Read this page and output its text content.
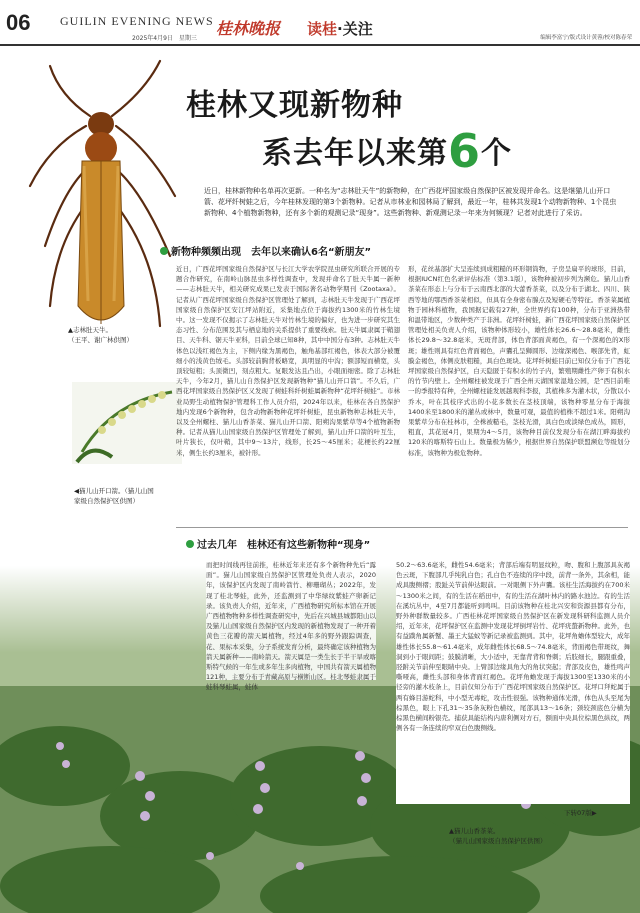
06 GUILIN EVENING NEWS
2025年4月9日　星期三
桂林晚报 读桂·关注	编辑李富宁/版式设计黄蓉/校对陈春荣
▲志林肚天牛。
（王平、谢广林供图）
◀猫儿山开口箭。（猫儿山国家级自然保护区供图）
桂林又现新物种
系去年以来第6个
近日，桂林新物种名单再次更新。一种名为“志林肚天牛”的新物种，在广西花坪国家级自然保护区被发现并命名。这是继猫儿山开口箭、花坪纤树蛙之后，今年桂林发现的第3个新物种。记者从市林业和园林局了解到，最近一年，桂林共发现1个动物新物种、1个昆虫新物种、4个植物新物种，还有多个新的观测记录“现身”。这些新物种、新观测记录一年来为何频现？记者对此进行了采访。
新物种频频出现　去年以来确认6名“新朋友”
近日，广西花坪国家级自然保护区与长江大学农学院昆虫研究所联合开展的专题合作研究，在南岭山脉昆虫多样性调查中，发现并命名了肚天牛属一新种——志林肚天牛，相关研究成果已发表于国际著名动物学期刊《Zootaxa》。记者从广西花坪国家级自然保护区管理处了解到，志林肚天牛发现于广西花坪国家级自然保护区安江坪站附近，采集地点位于海拔约1300米的竹林生境中。这一发现不仅揭示了志林肚天牛对竹林生境的偏好，也为进一步研究其生态习性、分布范围及其与栖息地的关系提供了重要线索。肚天牛属隶属于鞘翅目、天牛科、锯天牛亚科，目前全球已知8种，其中中国分布3种。志林肚天牛体色以浅红褐色为主，下侧内缘为黑褐色，触角基部红褐色，体表大部分被覆细小的浅黄色绒毛。头部较前胸背板略宽，具明显的中沟；额部短而横宽，头顶较短粗；头顶微凹，刻点粗大。复眼发达且凸出，小眼面细密。除了志林肚天牛，今年2月，猫儿山自然保护区发现新物种“猫儿山开口箭”。不久后，广西花坪国家级自然保护区又发现了树蛙科纤树蛙属新物种“花坪纤树蛙”。市林业局野生动植物保护管理科工作人员介绍，2024年以来，桂林在各自然保护地内发现6个新物种，包含动物新物种花坪纤树蛙，昆虫新物种志林肚天牛，以及全州螺柱、猫儿山香茶菜、猫儿山开口箭、阳朔沟果紫草等4个植物新物种。记者从猫儿山国家级自然保护区管理处了解到，猫儿山开口箭的叶互生，叶片狭长，仅叶鞘，其中9～13片，线形，长25～45厘米；花梗长约22厘米，侧生长约3厘米，被针形。
形，花丝基部扩大呈连续到成粗糙的环形钢筒物，子房呈扁平的球形，目前，根据IUCN红色名录评估标准（第3.1版），该物种被初步列为濒危。猫儿山香茶菜在形态上与分布于云南西北部的大蕾香茶菜，以及分布于湖北、四川、陕西等地的鄂西香茶菜相似，但具有全身密布腺点及短硬毛等特征。香茶菜属植物于园林科植物，我国据记载有27种，全世界约有100种，分布于亚洲热带和温带地区，少数种类产于非洲。花坪纤树蛙，新广西花坪国家级自然保护区管理处相关负责人介绍，该物种体形较小，雄性体长26.6～28.8毫米，雌性体长29.8～32.8毫米，无斑背部，体色背部面黄褐色，有一个深褐色的X形斑；雄性则具有红色背面褐色，声囊孔呈狮圆形、边缘深褐色、喉部先背，虹膜金褐色，体侧皮肤粗糙，具白色斑块。花坪纤树蛙目前已知仅分布于广西花坪国家级自然保护区，白天隐匿于有积水的竹子内，繁殖期雌性产卵于有积水的竹节内壁上。全州螺柱被发现于广西全州天湖国家湿地公园，是“西目前唯一的季报特有种，全州螺柱能发展越观科李报，其植株多为灌木状，分散以小乔木，叶在其枝序式出的小花多数长在茎枝顶端，该物种零星分布于海拔1400米至1800米的灌丛或林中，数量可观，最值的植株不超过1米。阳朔沟果紫草分布在桂林市，全株被糙毛，茎枝光滑，具白色或淡绿色成丛，圆形，粗直，其花冠4月，果期为4～5月，该物种目前仅发现分布在湖江畔海拔约120米的喀斯特石山上。数量极为稀少，根据世界自然保护联盟濒危等级划分标准，该物种为极危物种。
过去几年　桂林还有这些新物种“现身”
而把时间线再往前推，桂林近年来还有多个新物种先后“露面”。猫儿山国家级自然保护区管理处负责人表示，2020年，该保护区内发现了南岭箭竹、柳珊瑚丛；2022年，发现了桂北琴蛙，此外，还监测到了中华绿纹紫蛙产卵新记录。该负责人介绍，近年来，广西植物研究所标本馆在开展广西植物物种多样性调查研究中，先后在兴城县城都阳山以及猫儿山国家级自然保护区内发现的新植物发现了一种开着黄色三花瓣的箭天属植物，经过4年多的野外跟踪调查，花、果标本采集，分子系统发育分析，最终确定该种植物为箭天属新种——南岭箭天。箭天属是一类生长于半干旱或喀斯特气候的一年生或多年生多肉植物，中国共有箭天属植物121种，主要分布于青藏高原与横断山区。桂北琴蛙隶属于蛙科琴蛙属，蛙体
50.2～63.6毫米，雌性54.6毫米；背部后端有明显纹粒，吻、腹和上腹部具灰褐色云斑，下腹部几乎纯乳白色；孔白色不连续的序中段，前背一条外，其余相，能成具腹侧褶；股趾关节前伸达眼前。一对眼侧下外声囊。该桂生活海拔约在700米～1300米之间，有的生活在稻田中，有的生活在湖叶林内的路水池边。有的生活在溪坑丛中，4至7月都能听到鸣叫。目前该物种在桂北兴安和资源县都有分布，野外种群数量较多。广西桂林花坪国家级自然保护区在新发现科研科监测人员介绍，近年来，花坪保护区在监测中发现花坪倒坪岩竹、花坪疣螯新物种。此外，也有益蹼角属新蟹、墨王大猛蚁等新记录被监测到。其中，花坪角蟾体型较大，成年雄性体长55.8～61.4毫米，成年雌性体长68.5～74.8毫米，背面褐色带斑纹，舞洞到小于眼间距；鼓膜清晰，大小适中，无靠背背和脊刺；后肢细长，腿跟重叠，胫跗关节前伸至眼睛中央。上臂部边缘具角大的角状突起；背部及皮色，雄性鸣声嘶哑高，雌性头部和身体背面红褐色。花坪角蟾发现于海拔1300至1330米的小径旁的灌木枝条上，目前仅知分布于广西花坪国家级自然保护区。花坪口拜蛇属于两有蜂目游蛇科，中小型无毒蛇，攻击性很强。该物种通体光滑，体色从头至尾为棕黑色，眼上下孔31～35条灰粉色横纹，尾部具13～16条；颈较颈底色分横为棕黑色横间粉银壳。捕获具能结构内唐利侧对方石，额面中央具位棕黑色纵纹，两侧各有一条连续的窄双白色腹侧线。
下转07版▶
▲猫儿山香茶菜。
（猫儿山国家级自然保护区供图）
